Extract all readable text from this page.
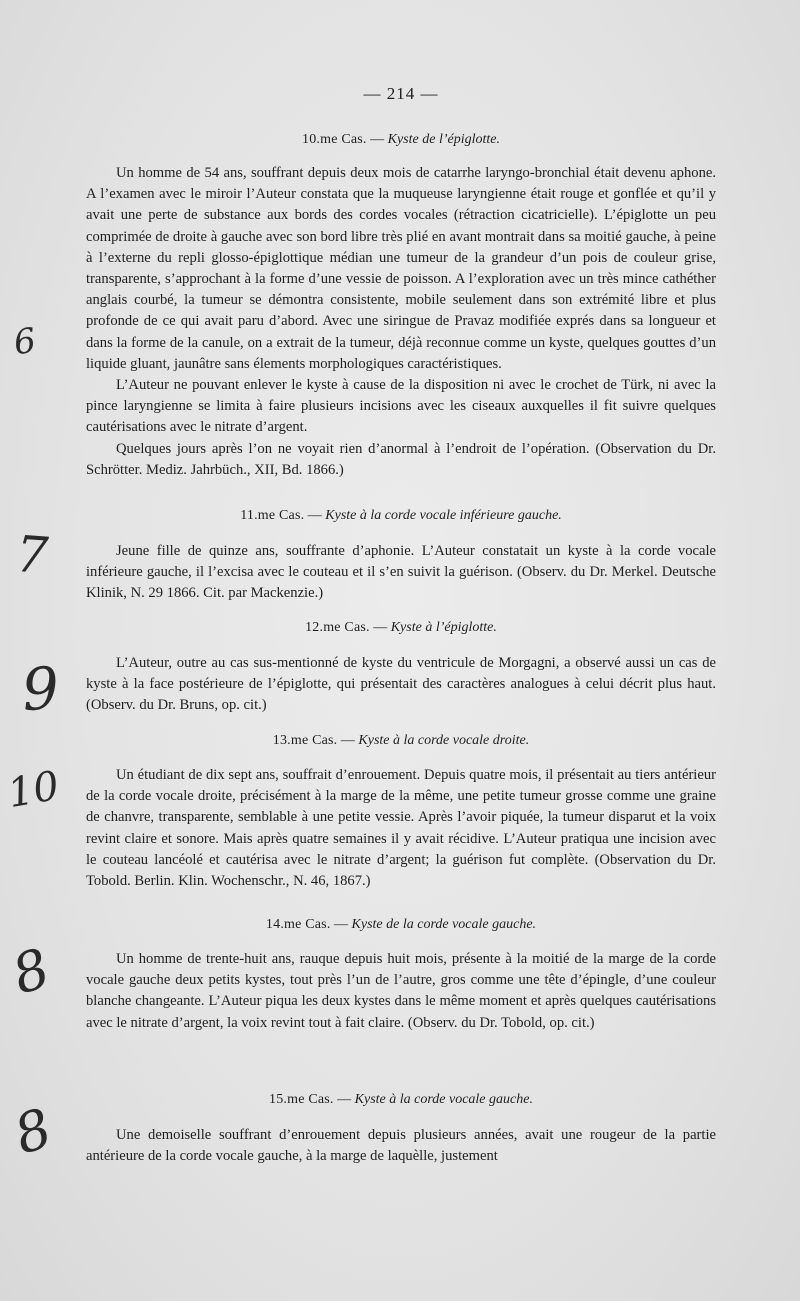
— 214 —
10.me Cas. — Kyste de l’épiglotte.

Un homme de 54 ans, souffrant depuis deux mois de catarrhe laryngo-bronchial était devenu aphone. A l’examen avec le miroir l’Auteur constata que la muqueuse laryngienne était rouge et gonflée et qu’il y avait une perte de substance aux bords des cordes vocales (rétraction cicatricielle). L’épiglotte un peu comprimée de droite à gauche avec son bord libre très plié en avant montrait dans sa moitié gauche, à peine à l’externe du repli glosso-épiglottique médian une tumeur de la grandeur d’un pois de couleur grise, transparente, s’approchant à la forme d’une vessie de poisson. A l’exploration avec un très mince cathéther anglais courbé, la tumeur se démontra consistente, mobile seulement dans son extrémité libre et plus profonde de ce qui avait paru d’abord. Avec une siringue de Pravaz modifiée exprés dans sa longueur et dans la forme de la canule, on a extrait de la tumeur, déjà reconnue comme un kyste, quelques gouttes d’un liquide gluant, jaunâtre sans élements morphologiques caractéristiques.

L’Auteur ne pouvant enlever le kyste à cause de la disposition ni avec le crochet de Türk, ni avec la pince laryngienne se limita à faire plusieurs incisions avec les ciseaux auxquelles il fit suivre quelques cautérisations avec le nitrate d’argent.

Quelques jours après l’on ne voyait rien d’anormal à l’endroit de l’opération. (Observation du Dr. Schrötter. Mediz. Jahrbüch., XII, Bd. 1866.)

11.me Cas. — Kyste à la corde vocale inférieure gauche.

Jeune fille de quinze ans, souffrante d’aphonie. L’Auteur constatait un kyste à la corde vocale inférieure gauche, il l’excisa avec le couteau et il s’en suivit la guérison. (Observ. du Dr. Merkel. Deutsche Klinik, N. 29 1866. Cit. par Mackenzie.)

12.me Cas. — Kyste à l’épiglotte.

L’Auteur, outre au cas sus-mentionné de kyste du ventricule de Morgagni, a observé aussi un cas de kyste à la face postérieure de l’épiglotte, qui présentait des caractères analogues à celui décrit plus haut. (Observ. du Dr. Bruns, op. cit.)

13.me Cas. — Kyste à la corde vocale droite.

Un étudiant de dix sept ans, souffrait d’enrouement. Depuis quatre mois, il présentait au tiers antérieur de la corde vocale droite, précisément à la marge de la même, une petite tumeur grosse comme une graine de chanvre, transparente, semblable à une petite vessie. Après l’avoir piquée, la tumeur disparut et la voix revint claire et sonore. Mais après quatre semaines il y avait récidive. L’Auteur pratiqua une incision avec le couteau lancéolé et cautérisa avec le nitrate d’argent; la guérison fut complète. (Observation du Dr. Tobold. Berlin. Klin. Wochenschr., N. 46, 1867.)

14.me Cas. — Kyste de la corde vocale gauche.

Un homme de trente-huit ans, rauque depuis huit mois, présente à la moitié de la marge de la corde vocale gauche deux petits kystes, tout près l’un de l’autre, gros comme une tête d’épingle, d’une couleur blanche changeante. L’Auteur piqua les deux kystes dans le même moment et après quelques cautérisations avec le nitrate d’argent, la voix revint tout à fait claire. (Observ. du Dr. Tobold, op. cit.)

15.me Cas. — Kyste à la corde vocale gauche.

Une demoiselle souffrant d’enrouement depuis plusieurs années, avait une rougeur de la partie antérieure de la corde vocale gauche, à la marge de laquèlle, justement

6
7
9
10
8
8
